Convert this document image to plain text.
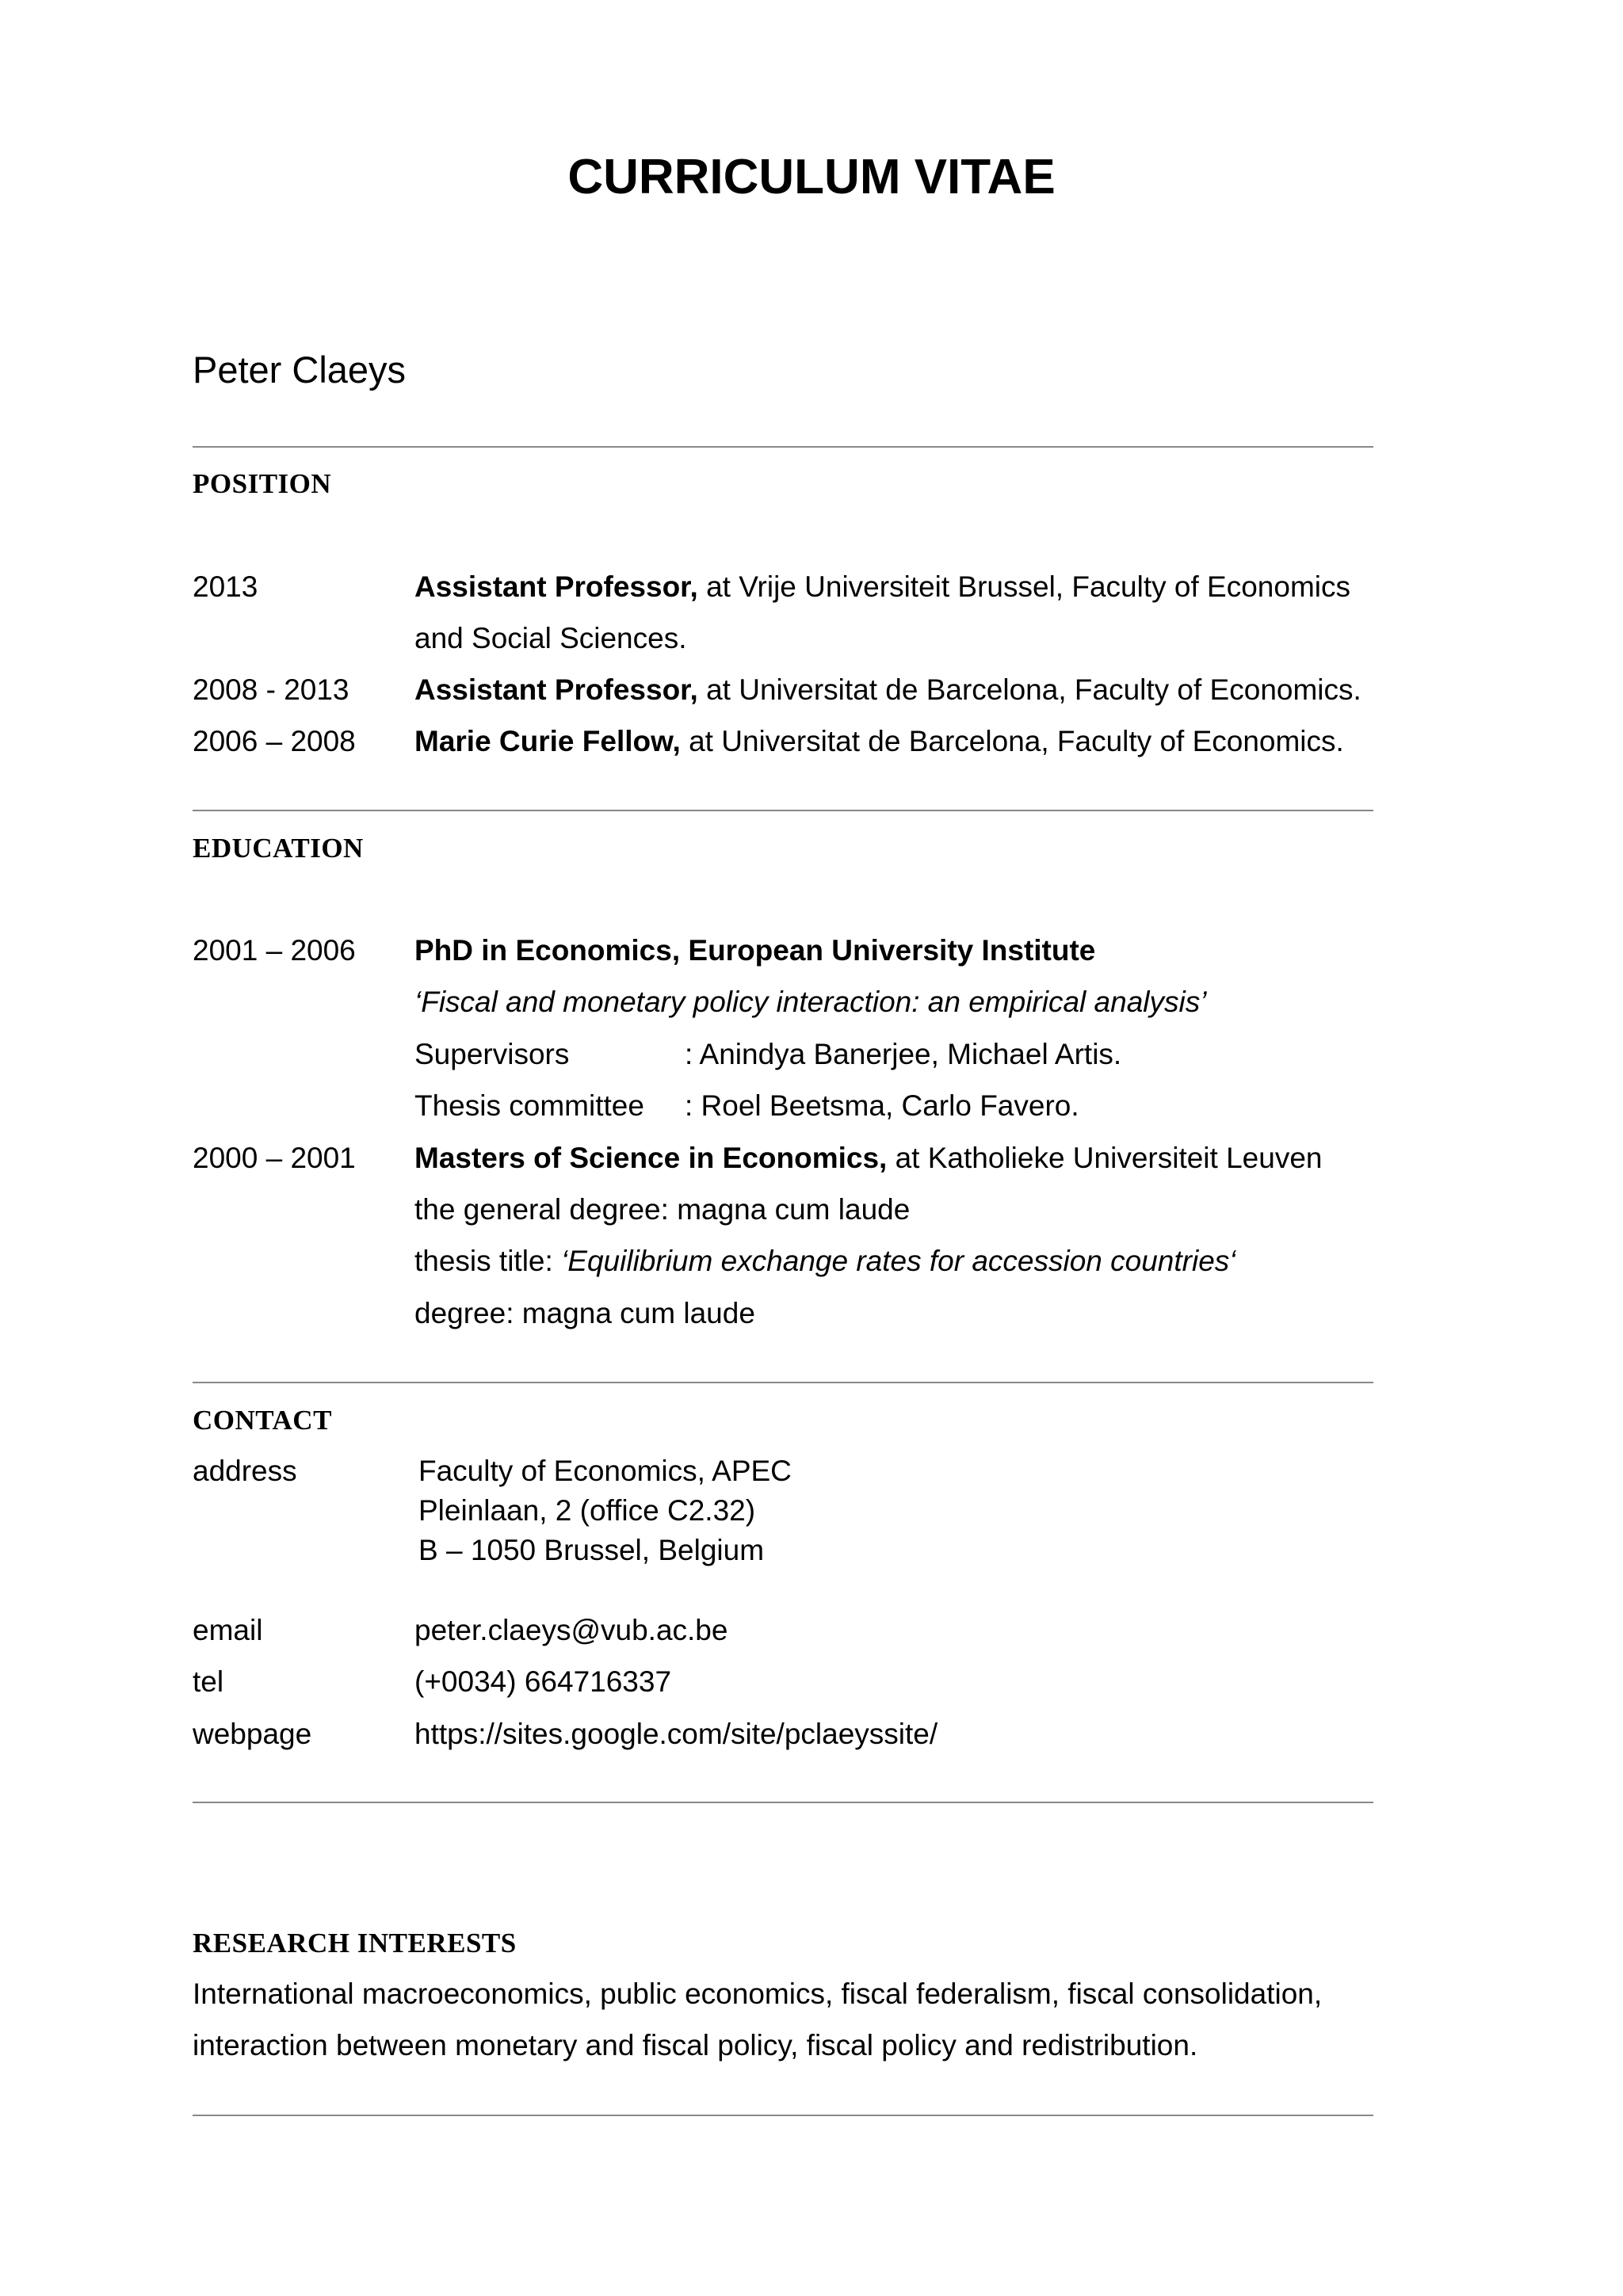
CURRICULUM VITAE
Peter Claeys
POSITION
2013	Assistant Professor, at Vrije Universiteit Brussel, Faculty of Economics
and Social Sciences.
2008 - 2013 Assistant Professor, at Universitat de Barcelona, Faculty of Economics.
2006 – 2008 Marie Curie Fellow, at Universitat de Barcelona, Faculty of Economics.
EDUCATION
2001 – 2006 PhD in Economics, European University Institute
‘Fiscal and monetary policy interaction: an empirical analysis’
Supervisors	: Anindya Banerjee, Michael Artis.
Thesis committee : Roel Beetsma, Carlo Favero.
2000 – 2001 Masters of Science in Economics, at Katholieke Universiteit Leuven
the general degree: magna cum laude
thesis title: ‘Equilibrium exchange rates for accession countries‘
degree: magna cum laude
CONTACT
address	Faculty of Economics, APEC
Pleinlaan, 2 (office C2.32)
B – 1050 Brussel, Belgium
email	peter.claeys@vub.ac.be
tel	(+0034) 664716337
webpage	https://sites.google.com/site/pclaeyssite/
RESEARCH INTERESTS
International macroeconomics, public economics, fiscal federalism, fiscal consolidation,
interaction between monetary and fiscal policy, fiscal policy and redistribution.
